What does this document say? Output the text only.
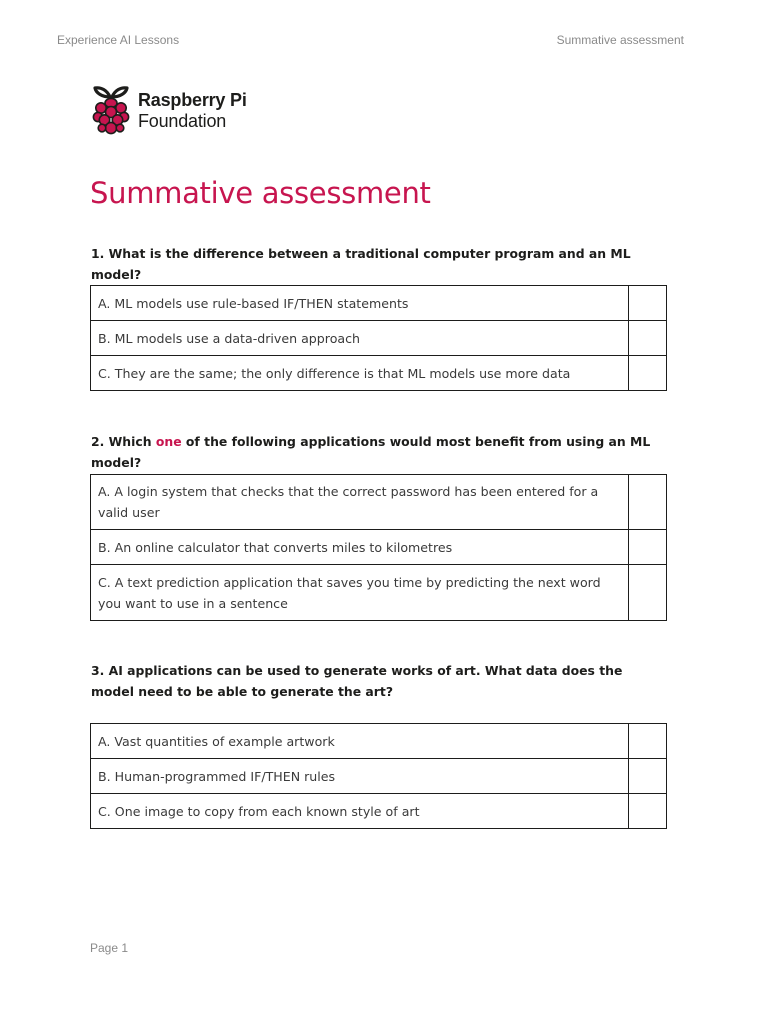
Experience AI Lessons	Summative assessment
Raspberry Pi
Foundation
Summative assessment

1. What is the difference between a traditional computer program and an ML model?

A. ML models use rule-based IF/THEN statements	
B. ML models use a data-driven approach	
C. They are the same; the only difference is that ML models use more data	

2. Which one of the following applications would most benefit from using an ML model?

A. A login system that checks that the correct password has been entered for a valid user	
B. An online calculator that converts miles to kilometres	
C. A text prediction application that saves you time by predicting the next word you want to use in a sentence	

3. AI applications can be used to generate works of art. What data does the model need to be able to generate the art?

A. Vast quantities of example artwork	
B. Human-programmed IF/THEN rules	
C. One image to copy from each known style of art	
Page 1
